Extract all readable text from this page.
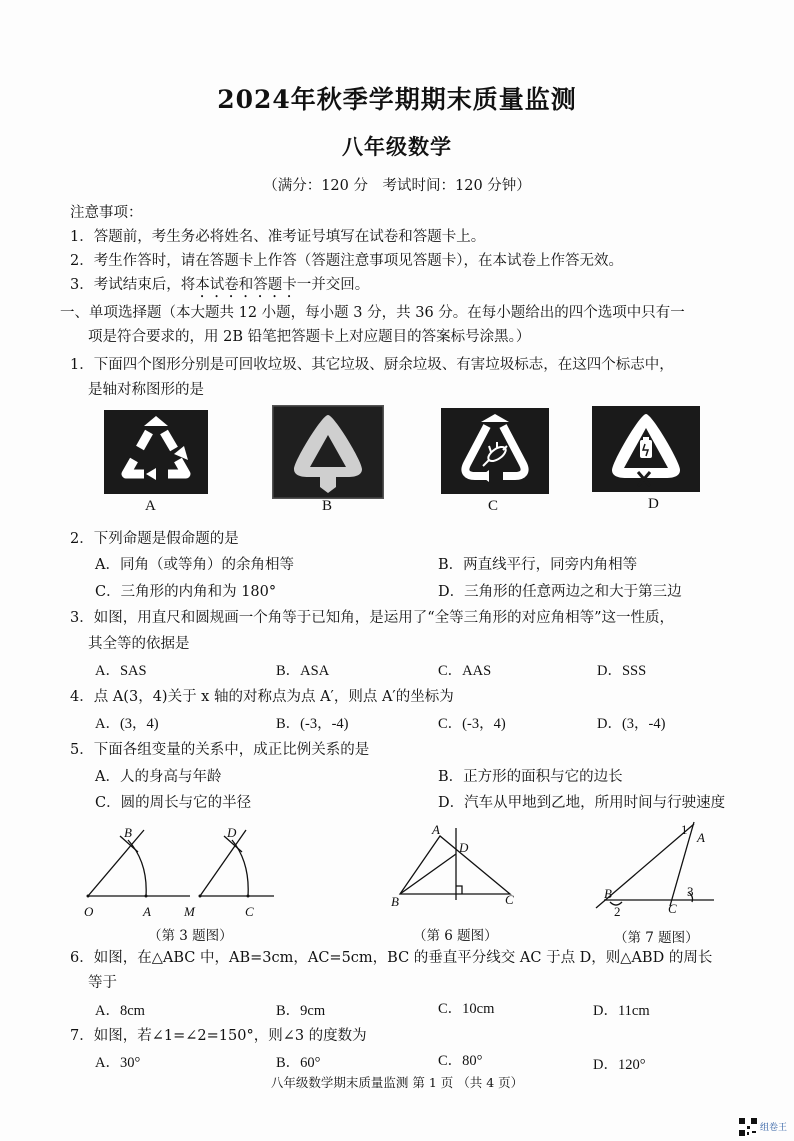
2024年秋季学期期末质量监测
八年级数学
（满分：120 分　考试时间：120 分钟）
注意事项：
1．答题前，考生务必将姓名、准考证号填写在试卷和答题卡上。
2．考生作答时，请在答题卡上作答（答题注意事项见答题卡），在本试卷上作答无效。
3．考试结束后，将本试卷和答题卡一并交回。
一、单项选择题（本大题共 12 小题，每小题 3 分，共 36 分。在每小题给出的四个选项中只有一
项是符合要求的，用 2B 铅笔把答题卡上对应题目的答案标号涂黑。）
1．下面四个图形分别是可回收垃圾、其它垃圾、厨余垃圾、有害垃圾标志，在这四个标志中，
是轴对称图形的是
A	B	C	D
2．下列命题是假命题的是
A．同角（或等角）的余角相等	B．两直线平行，同旁内角相等
C．三角形的内角和为 180°	D．三角形的任意两边之和大于第三边
3．如图，用直尺和圆规画一个角等于已知角，是运用了“全等三角形的对应角相等”这一性质，
其全等的依据是
A．SAS	B．ASA	C．AAS	D．SSS
4．点 A(3，4)关于 x 轴的对称点为点 A′，则点 A′的坐标为
A．(3，4)	B．(-3，-4)	C．(-3，4)	D．(3，-4)
5．下面各组变量的关系中，成正比例关系的是
A．人的身高与年龄	B．正方形的面积与它的边长
C．圆的周长与它的半径	D．汽车从甲地到乙地，所用时间与行驶速度
B
O	A
D
M	C
（第 3 题图）
A
D
B	C
（第 6 题图）
1
A
B	3
2	C
（第 7 题图）
6．如图，在△ABC 中，AB=3cm，AC=5cm，BC 的垂直平分线交 AC 于点 D，则△ABD 的周长
等于
A．8cm	B．9cm	C．10cm	D．11cm
7．如图，若∠1=∠2=150°，则∠3 的度数为
A．30°	B．60°	C．80°	D．120°
八年级数学期末质量监测 第 1 页 （共 4 页）
组卷王
